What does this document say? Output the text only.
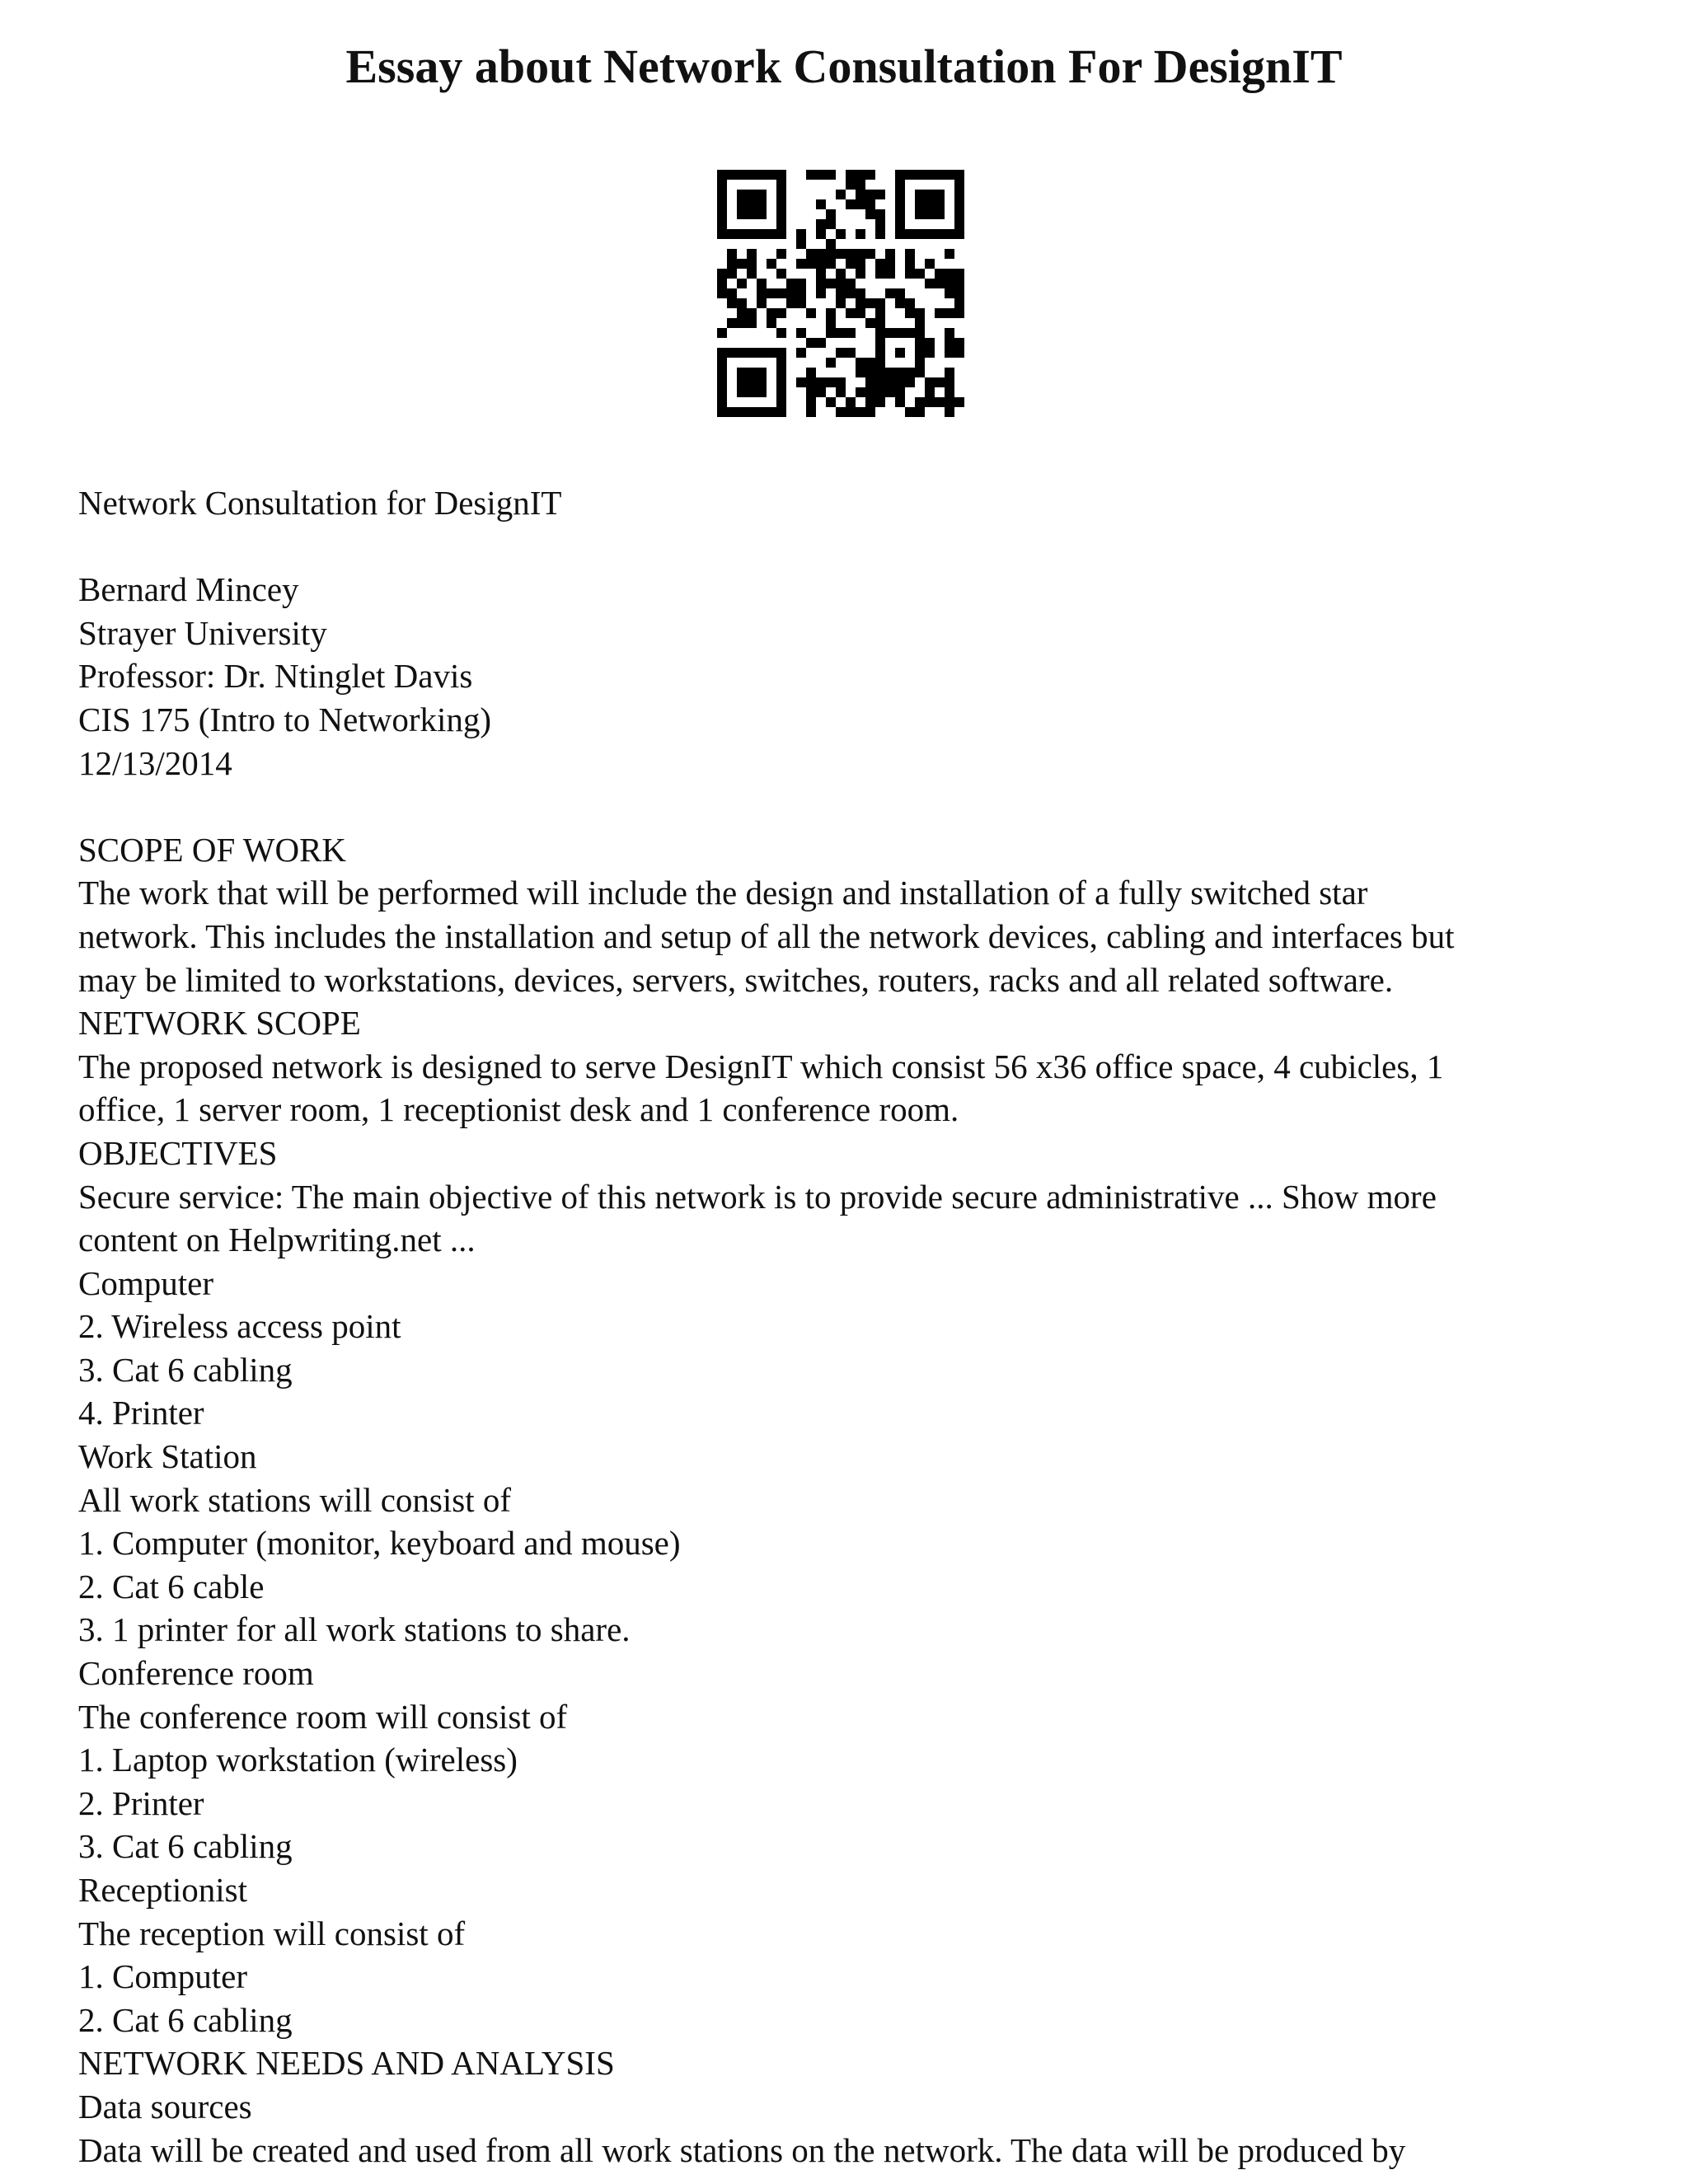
Essay about Network Consultation For DesignIT
Network Consultation for DesignIT
Bernard Mincey
Strayer University
Professor: Dr. Ntinglet Davis
CIS 175 (Intro to Networking)
12/13/2014
SCOPE OF WORK
The work that will be performed will include the design and installation of a fully switched star
network. This includes the installation and setup of all the network devices, cabling and interfaces but
may be limited to workstations, devices, servers, switches, routers, racks and all related software.
NETWORK SCOPE
The proposed network is designed to serve DesignIT which consist 56 x36 office space, 4 cubicles, 1
office, 1 server room, 1 receptionist desk and 1 conference room.
OBJECTIVES
Secure service: The main objective of this network is to provide secure administrative ... Show more
content on Helpwriting.net ...
Computer
2. Wireless access point
3. Cat 6 cabling
4. Printer
Work Station
All work stations will consist of
1. Computer (monitor, keyboard and mouse)
2. Cat 6 cable
3. 1 printer for all work stations to share.
Conference room
The conference room will consist of
1. Laptop workstation (wireless)
2. Printer
3. Cat 6 cabling
Receptionist
The reception will consist of
1. Computer
2. Cat 6 cabling
NETWORK NEEDS AND ANALYSIS
Data sources
Data will be created and used from all work stations on the network. The data will be produced by
